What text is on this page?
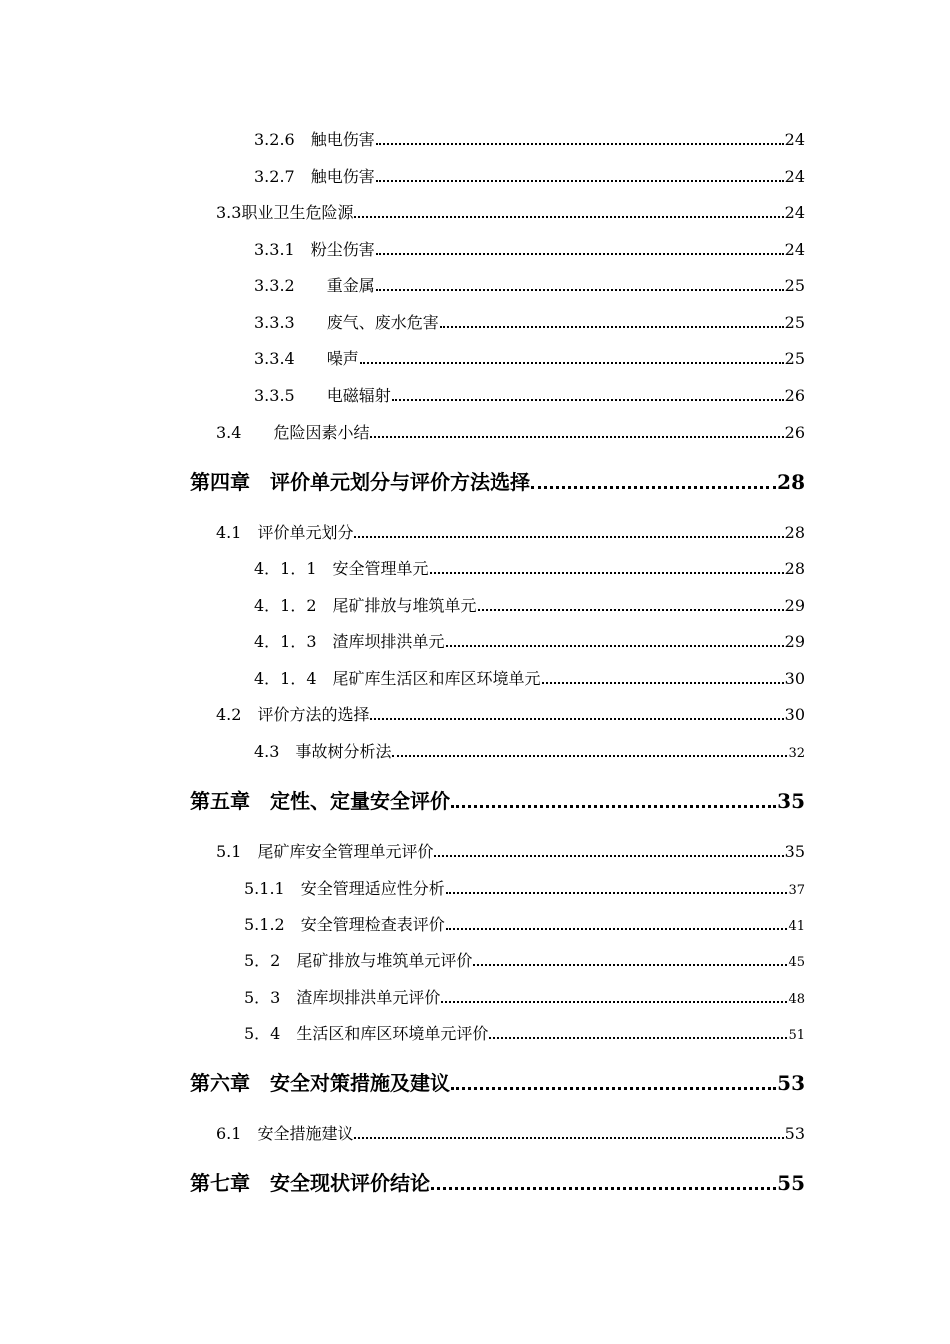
3.2.6　触电伤害	24
3.2.7　触电伤害	24
3.3职业卫生危险源	24
3.3.1　粉尘伤害	24
3.3.2　　重金属	25
3.3.3　　废气、废水危害	25
3.3.4　　噪声	25
3.3.5　　电磁辐射	26
3.4　　危险因素小结	26
第四章　评价单元划分与评价方法选择	28
4.1　评价单元划分	28
4．1．1　安全管理单元	28
4．1．2　尾矿排放与堆筑单元	29
4．1．3　渣库坝排洪单元	29
4．1．4　尾矿库生活区和库区环境单元	30
4.2　评价方法的选择	30
4.3　事故树分析法	32
第五章　定性、定量安全评价	35
5.1　尾矿库安全管理单元评价	35
5.1.1　安全管理适应性分析	37
5.1.2　安全管理检查表评价	41
5．2　尾矿排放与堆筑单元评价	45
5．3　渣库坝排洪单元评价	48
5．4　生活区和库区环境单元评价	51
第六章　安全对策措施及建议	53
6.1　安全措施建议	53
第七章　安全现状评价结论	55
